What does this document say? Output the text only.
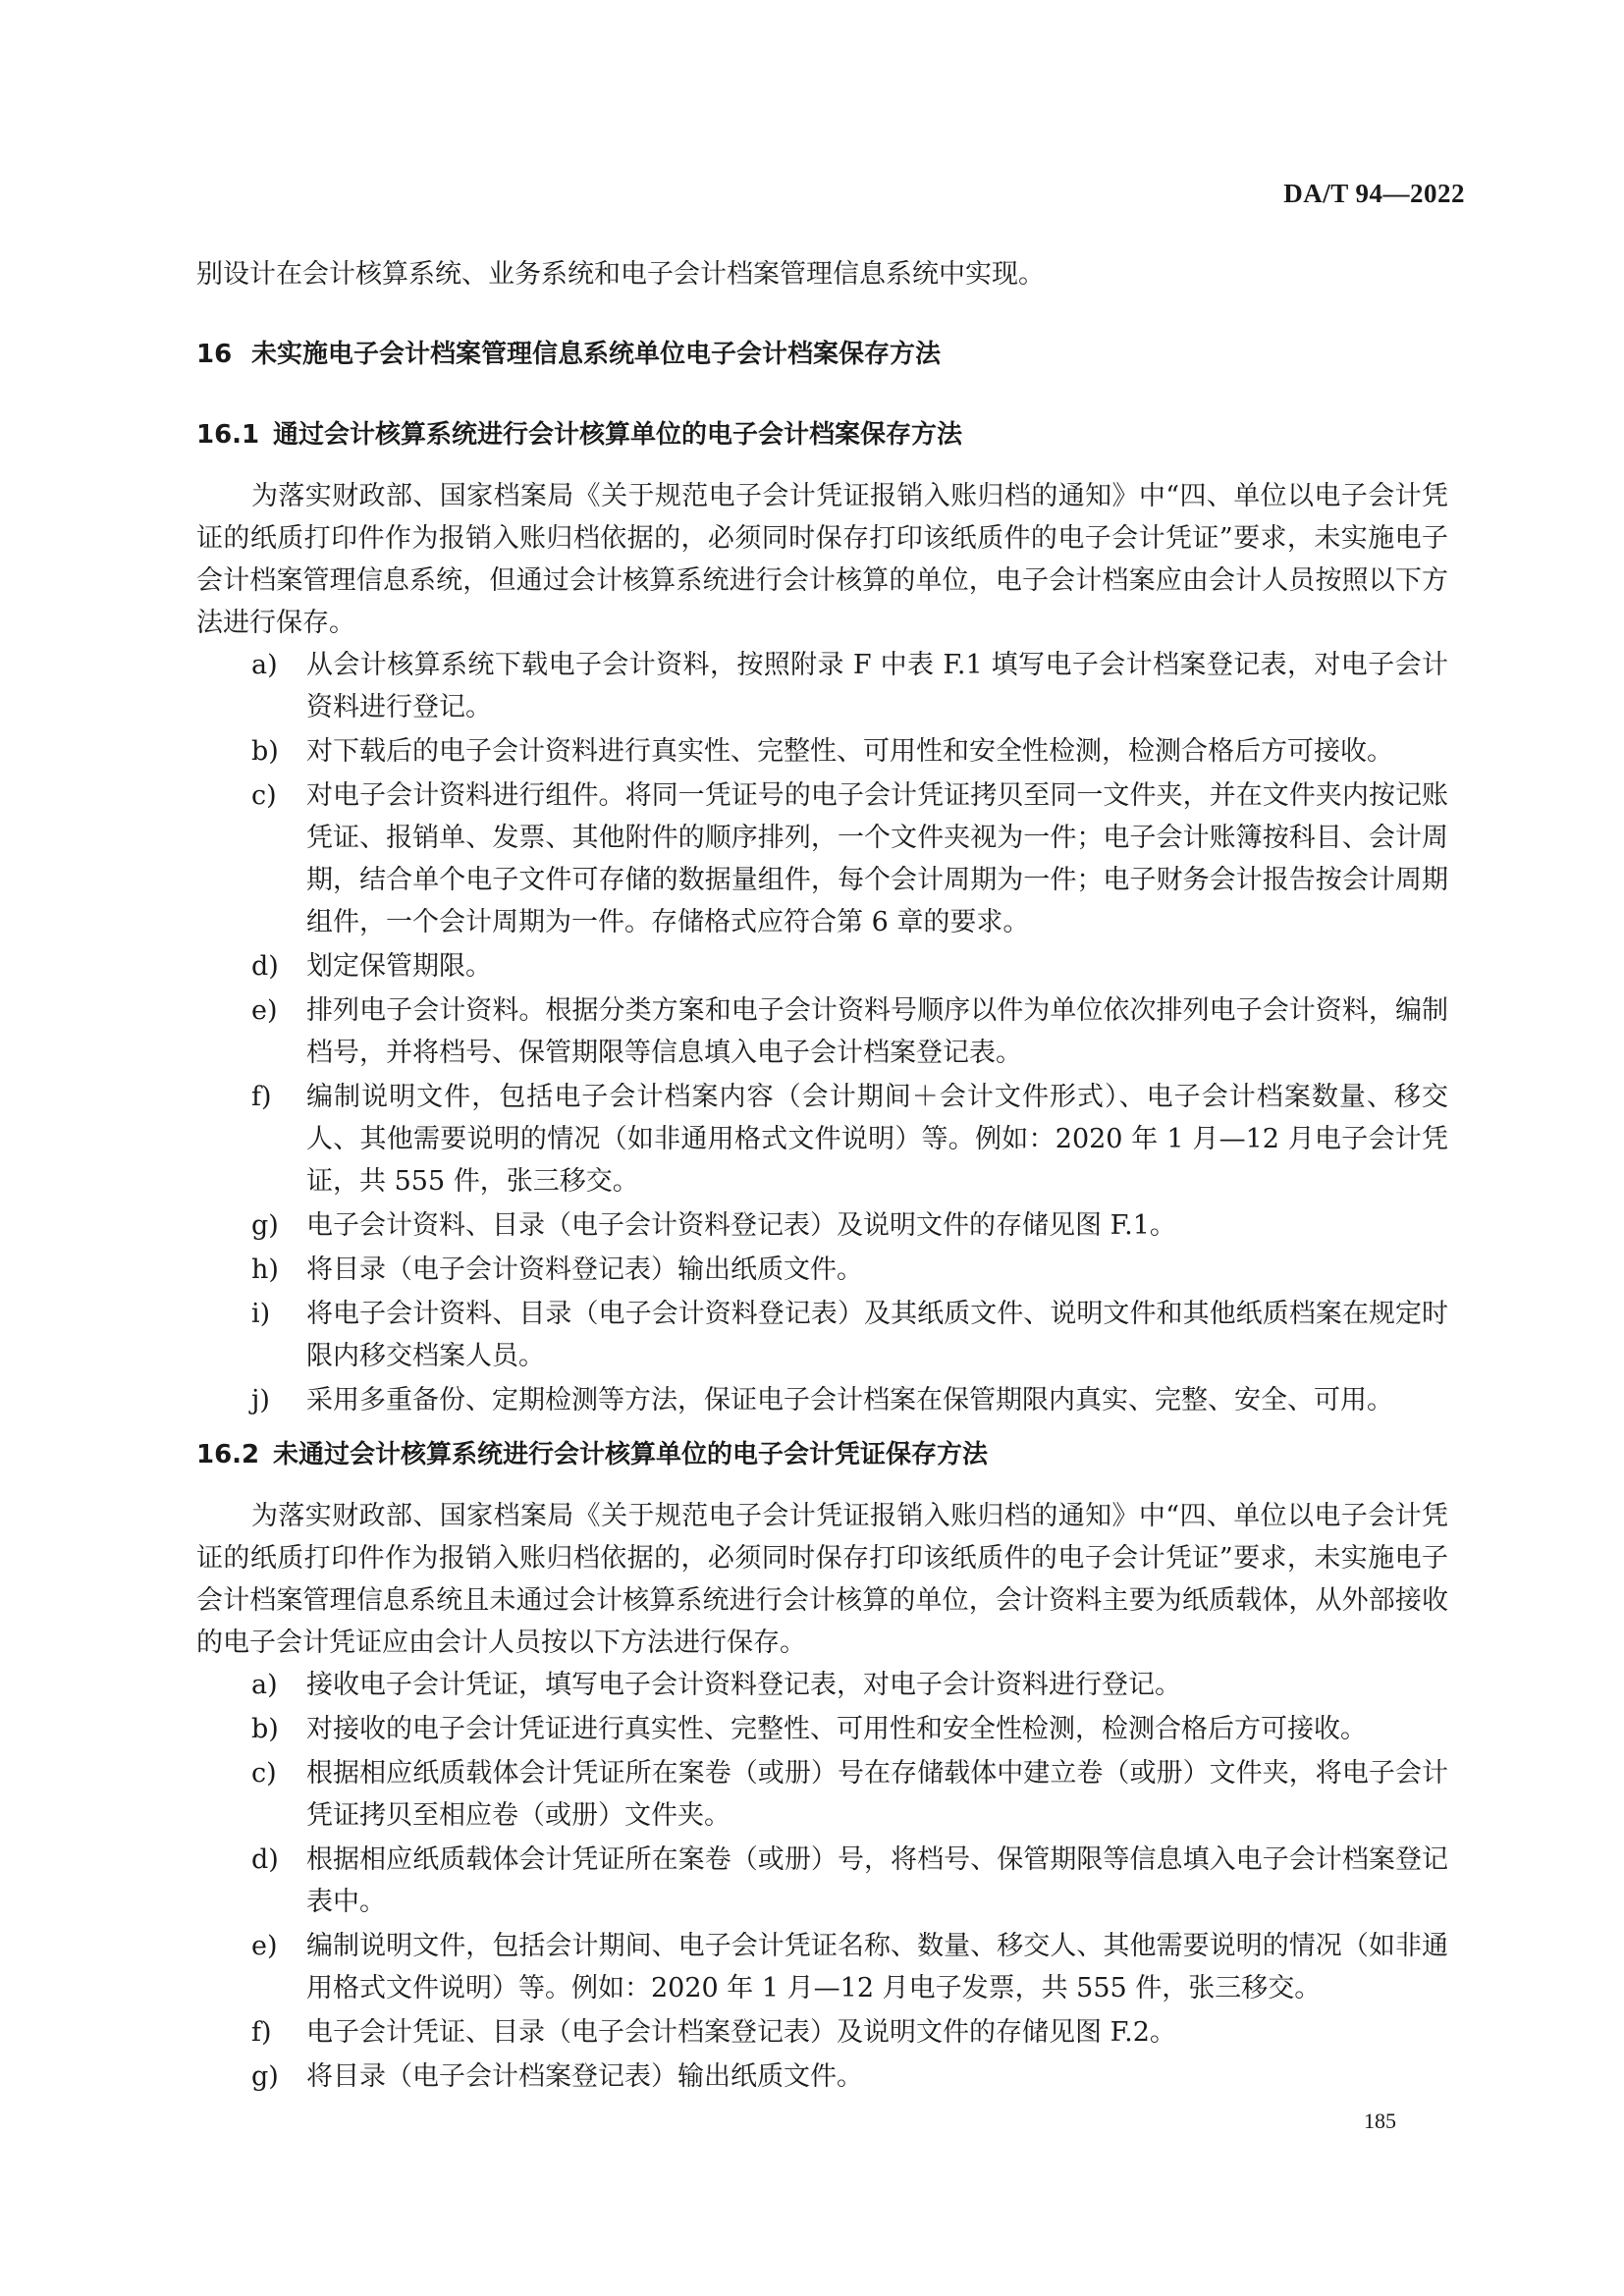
DA/T 94—2022

别设计在会计核算系统、业务系统和电子会计档案管理信息系统中实现。

16 未实施电子会计档案管理信息系统单位电子会计档案保存方法

16.1 通过会计核算系统进行会计核算单位的电子会计档案保存方法

为落实财政部、国家档案局《关于规范电子会计凭证报销入账归档的通知》中“四、单位以电子会计凭证的纸质打印件作为报销入账归档依据的，必须同时保存打印该纸质件的电子会计凭证”要求，未实施电子会计档案管理信息系统，但通过会计核算系统进行会计核算的单位，电子会计档案应由会计人员按照以下方法进行保存。

a) 从会计核算系统下载电子会计资料，按照附录 F 中表 F.1 填写电子会计档案登记表，对电子会计资料进行登记。

b) 对下载后的电子会计资料进行真实性、完整性、可用性和安全性检测，检测合格后方可接收。

c) 对电子会计资料进行组件。将同一凭证号的电子会计凭证拷贝至同一文件夹，并在文件夹内按记账凭证、报销单、发票、其他附件的顺序排列，一个文件夹视为一件；电子会计账簿按科目、会计周期，结合单个电子文件可存储的数据量组件，每个会计周期为一件；电子财务会计报告按会计周期组件，一个会计周期为一件。存储格式应符合第 6 章的要求。

d) 划定保管期限。

e) 排列电子会计资料。根据分类方案和电子会计资料号顺序以件为单位依次排列电子会计资料，编制档号，并将档号、保管期限等信息填入电子会计档案登记表。

f) 编制说明文件，包括电子会计档案内容（会计期间＋会计文件形式）、电子会计档案数量、移交人、其他需要说明的情况（如非通用格式文件说明）等。例如：2020 年 1 月—12 月电子会计凭证，共 555 件，张三移交。

g) 电子会计资料、目录（电子会计资料登记表）及说明文件的存储见图 F.1。

h) 将目录（电子会计资料登记表）输出纸质文件。

i) 将电子会计资料、目录（电子会计资料登记表）及其纸质文件、说明文件和其他纸质档案在规定时限内移交档案人员。

j) 采用多重备份、定期检测等方法，保证电子会计档案在保管期限内真实、完整、安全、可用。

16.2 未通过会计核算系统进行会计核算单位的电子会计凭证保存方法

为落实财政部、国家档案局《关于规范电子会计凭证报销入账归档的通知》中“四、单位以电子会计凭证的纸质打印件作为报销入账归档依据的，必须同时保存打印该纸质件的电子会计凭证”要求，未实施电子会计档案管理信息系统且未通过会计核算系统进行会计核算的单位，会计资料主要为纸质载体，从外部接收的电子会计凭证应由会计人员按以下方法进行保存。

a) 接收电子会计凭证，填写电子会计资料登记表，对电子会计资料进行登记。

b) 对接收的电子会计凭证进行真实性、完整性、可用性和安全性检测，检测合格后方可接收。

c) 根据相应纸质载体会计凭证所在案卷（或册）号在存储载体中建立卷（或册）文件夹，将电子会计凭证拷贝至相应卷（或册）文件夹。

d) 根据相应纸质载体会计凭证所在案卷（或册）号，将档号、保管期限等信息填入电子会计档案登记表中。

e) 编制说明文件，包括会计期间、电子会计凭证名称、数量、移交人、其他需要说明的情况（如非通用格式文件说明）等。例如：2020 年 1 月—12 月电子发票，共 555 件，张三移交。

f) 电子会计凭证、目录（电子会计档案登记表）及说明文件的存储见图 F.2。

g) 将目录（电子会计档案登记表）输出纸质文件。

185
